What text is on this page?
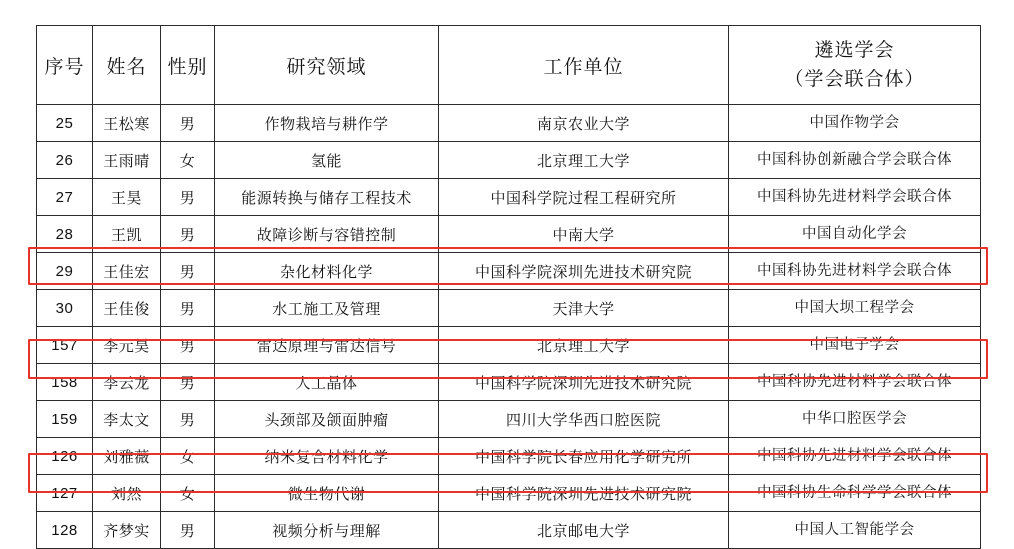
序号	姓名	性别	研究领域	工作单位	遴选学会
（学会联合体）

25	王松寒	男	作物栽培与耕作学	南京农业大学	中国作物学会
26	王雨晴	女	氢能	北京理工大学	中国科协创新融合学会联合体
27	王昊	男	能源转换与储存工程技术	中国科学院过程工程研究所	中国科协先进材料学会联合体
28	王凯	男	故障诊断与容错控制	中南大学	中国自动化学会
29	王佳宏	男	杂化材料化学	中国科学院深圳先进技术研究院	中国科协先进材料学会联合体
30	王佳俊	男	水工施工及管理	天津大学	中国大坝工程学会
157	李元昊	男	雷达原理与雷达信号	北京理工大学	中国电子学会
158	李云龙	男	人工晶体	中国科学院深圳先进技术研究院	中国科协先进材料学会联合体
159	李太文	男	头颈部及颌面肿瘤	四川大学华西口腔医院	中华口腔医学会
126	刘雅薇	女	纳米复合材料化学	中国科学院长春应用化学研究所	中国科协先进材料学会联合体
127	刘然	女	微生物代谢	中国科学院深圳先进技术研究院	中国科协生命科学学会联合体
128	齐梦实	男	视频分析与理解	北京邮电大学	中国人工智能学会
